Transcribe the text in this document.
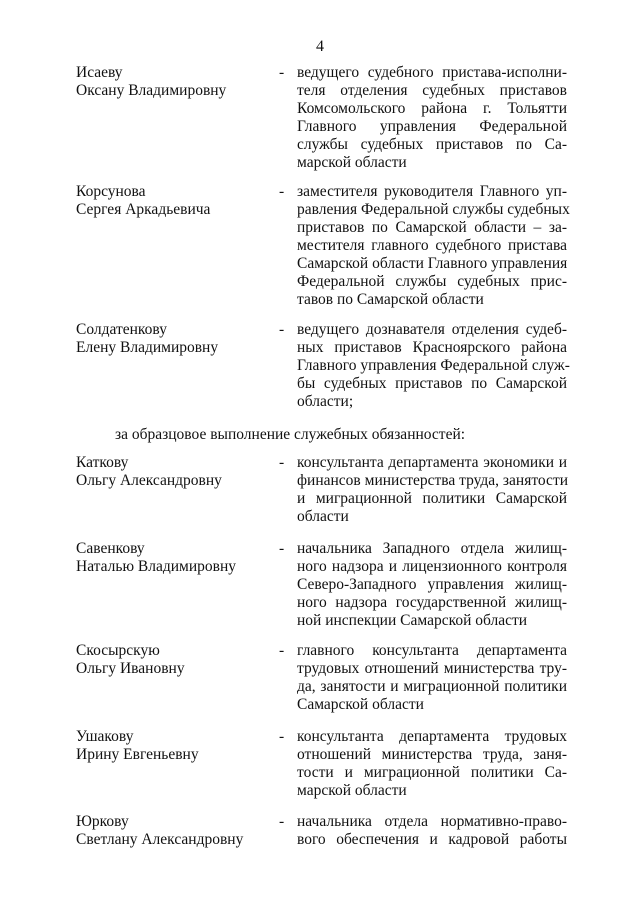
4
Исаеву
Оксану Владимировну
- ведущего судебного пристава-исполни-
теля отделения судебных приставов
Комсомольского района г. Тольятти
Главного управления Федеральной
службы судебных приставов по Са-
марской области
Корсунова
Сергея Аркадьевича
- заместителя руководителя Главного уп-
равления Федеральной службы судебных
приставов по Самарской области – за-
местителя главного судебного пристава
Самарской области Главного управления
Федеральной службы судебных прис-
тавов по Самарской области
Солдатенкову
Елену Владимировну
- ведущего дознавателя отделения судеб-
ных приставов Красноярского района
Главного управления Федеральной служ-
бы судебных приставов по Самарской
области;
за образцовое выполнение служебных обязанностей:
Каткову
Ольгу Александровну
- консультанта департамента экономики и
финансов министерства труда, занятости
и миграционной политики Самарской
области
Савенкову
Наталью Владимировну
- начальника Западного отдела жилищ-
ного надзора и лицензионного контроля
Северо-Западного управления жилищ-
ного надзора государственной жилищ-
ной инспекции Самарской области
Скосырскую
Ольгу Ивановну
- главного консультанта департамента
трудовых отношений министерства тру-
да, занятости и миграционной политики
Самарской области
Ушакову
Ирину Евгеньевну
- консультанта департамента трудовых
отношений министерства труда, заня-
тости и миграционной политики Са-
марской области
Юркову
Светлану Александровну
- начальника отдела нормативно-право-
вого обеспечения и кадровой работы
